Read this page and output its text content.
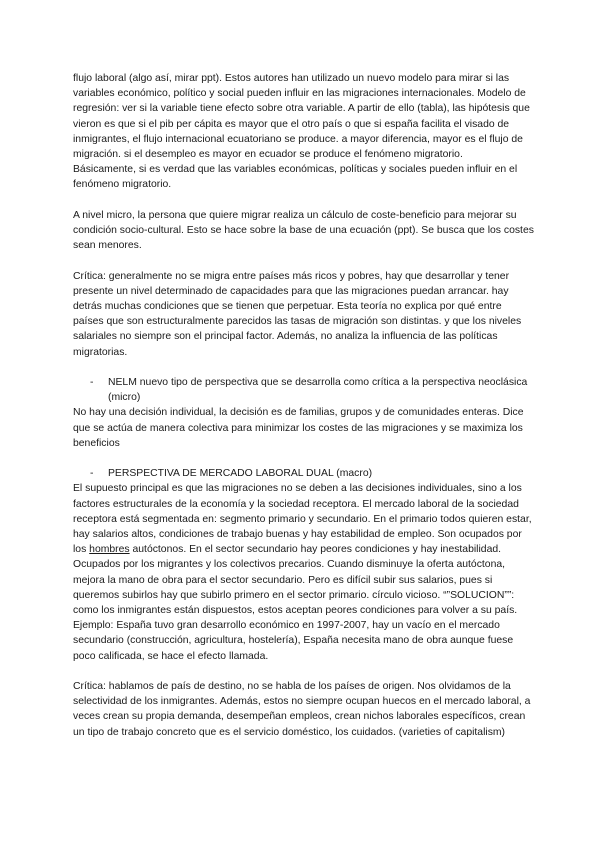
flujo laboral (algo así, mirar ppt). Estos autores han utilizado un nuevo modelo para mirar si las variables económico, político y social pueden influir en las migraciones internacionales. Modelo de regresión: ver si la variable tiene efecto sobre otra variable. A partir de ello (tabla), las hipótesis que vieron es que si el pib per cápita es mayor que el otro país o que si españa facilita el visado de inmigrantes, el flujo internacional ecuatoriano se produce. a mayor diferencia, mayor es el flujo de migración. si el desempleo es mayor en ecuador se produce el fenómeno migratorio.

Básicamente, si es verdad que las variables económicas, políticas y sociales pueden influir en el fenómeno migratorio.

A nivel micro, la persona que quiere migrar realiza un cálculo de coste-beneficio para mejorar su condición socio-cultural. Esto se hace sobre la base de una ecuación (ppt). Se busca que los costes sean menores.

Crítica: generalmente no se migra entre países más ricos y pobres, hay que desarrollar y tener presente un nivel determinado de capacidades para que las migraciones puedan arrancar. hay detrás muchas condiciones que se tienen que perpetuar. Esta teoría no explica por qué entre países que son estructuralmente parecidos las tasas de migración son distintas. y que los niveles salariales no siempre son el principal factor. Además, no analiza la influencia de las políticas migratorias.

- NELM nuevo tipo de perspectiva que se desarrolla como crítica a la perspectiva neoclásica (micro)

No hay una decisión individual, la decisión es de familias, grupos y de comunidades enteras. Dice que se actúa de manera colectiva para minimizar los costes de las migraciones y se maximiza los beneficios

- PERSPECTIVA DE MERCADO LABORAL DUAL (macro)

El supuesto principal es que las migraciones no se deben a las decisiones individuales, sino a los factores estructurales de la economía y la sociedad receptora. El mercado laboral de la sociedad receptora está segmentada en: segmento primario y secundario. En el primario todos quieren estar, hay salarios altos, condiciones de trabajo buenas y hay estabilidad de empleo. Son ocupados por los hombres autóctonos. En el sector secundario hay peores condiciones y hay inestabilidad. Ocupados por los migrantes y los colectivos precarios. Cuando disminuye la oferta autóctona, mejora la mano de obra para el sector secundario. Pero es difícil subir sus salarios, pues si queremos subirlos hay que subirlo primero en el sector primario. círculo vicioso. “”SOLUCION””: como los inmigrantes están dispuestos, estos aceptan peores condiciones para volver a su país. Ejemplo: España tuvo gran desarrollo económico en 1997-2007, hay un vacío en el mercado secundario (construcción, agricultura, hostelería), España necesita mano de obra aunque fuese poco calificada, se hace el efecto llamada.

Crítica: hablamos de país de destino, no se habla de los países de origen. Nos olvidamos de la selectividad de los inmigrantes. Además, estos no siempre ocupan huecos en el mercado laboral, a veces crean su propia demanda, desempeñan empleos, crean nichos laborales específicos, crean un tipo de trabajo concreto que es el servicio doméstico, los cuidados. (varieties of capitalism)
